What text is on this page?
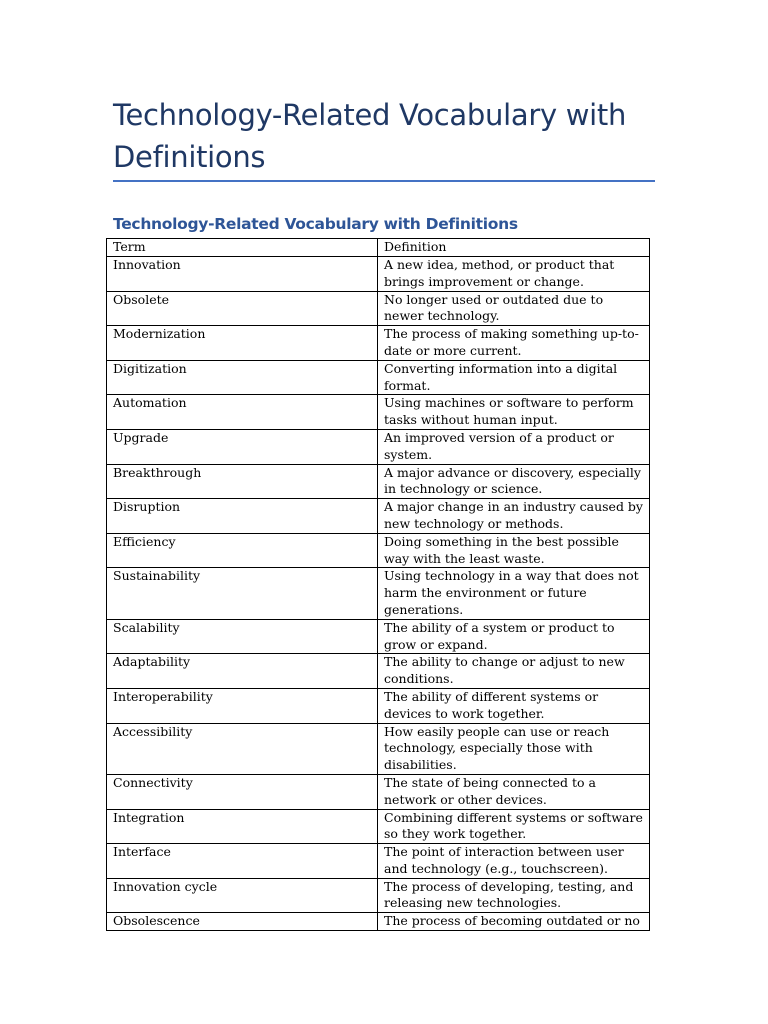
Technology-Related Vocabulary with Definitions
Technology-Related Vocabulary with Definitions
Term	Definition
Innovation	A new idea, method, or product that brings improvement or change.
Obsolete	No longer used or outdated due to newer technology.
Modernization	The process of making something up-to-date or more current.
Digitization	Converting information into a digital format.
Automation	Using machines or software to perform tasks without human input.
Upgrade	An improved version of a product or system.
Breakthrough	A major advance or discovery, especially in technology or science.
Disruption	A major change in an industry caused by new technology or methods.
Efficiency	Doing something in the best possible way with the least waste.
Sustainability	Using technology in a way that does not harm the environment or future generations.
Scalability	The ability of a system or product to grow or expand.
Adaptability	The ability to change or adjust to new conditions.
Interoperability	The ability of different systems or devices to work together.
Accessibility	How easily people can use or reach technology, especially those with disabilities.
Connectivity	The state of being connected to a network or other devices.
Integration	Combining different systems or software so they work together.
Interface	The point of interaction between user and technology (e.g., touchscreen).
Innovation cycle	The process of developing, testing, and releasing new technologies.
Obsolescence	The process of becoming outdated or no
